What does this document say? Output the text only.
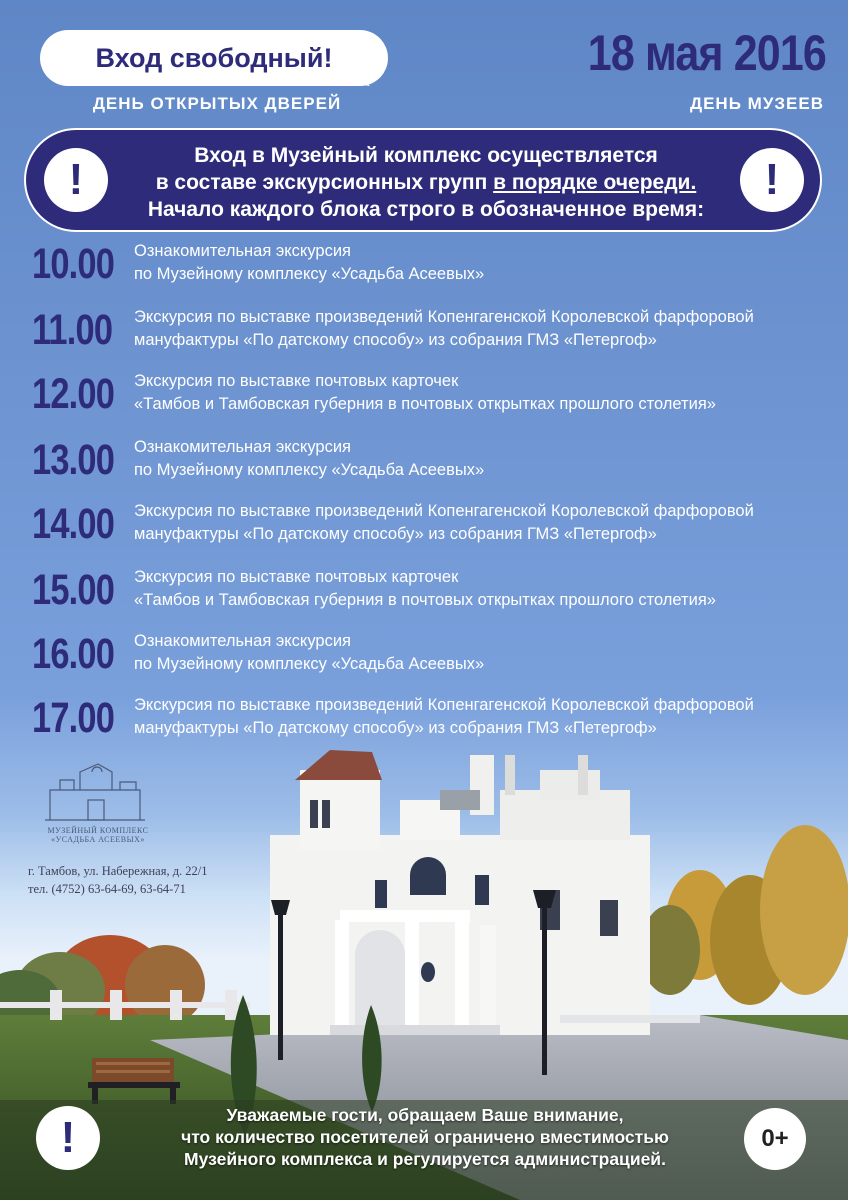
Вход свободный!
ДЕНЬ ОТКРЫТЫХ ДВЕРЕЙ
18 мая 2016
ДЕНЬ МУЗЕЕВ
!	Вход в Музейный комплекс осуществляется
в составе экскурсионных групп в порядке очереди.
Начало каждого блока строго в обозначенное время:
!
10.00 Ознакомительная экскурсия
по Музейному комплексу «Усадьба Асеевых»
11.00 Экскурсия по выставке произведений Копенгагенской Королевской фарфоровой
мануфактуры «По датскому способу» из собрания ГМЗ «Петергоф»
12.00 Экскурсия по выставке почтовых карточек
«Тамбов и Тамбовская губерния в почтовых открытках прошлого столетия»
13.00 Ознакомительная экскурсия
по Музейному комплексу «Усадьба Асеевых»
14.00 Экскурсия по выставке произведений Копенгагенской Королевской фарфоровой
мануфактуры «По датскому способу» из собрания ГМЗ «Петергоф»
15.00 Экскурсия по выставке почтовых карточек
«Тамбов и Тамбовская губерния в почтовых открытках прошлого столетия»
16.00 Ознакомительная экскурсия
по Музейному комплексу «Усадьба Асеевых»
17.00 Экскурсия по выставке произведений Копенгагенской Королевской фарфоровой
мануфактуры «По датскому способу» из собрания ГМЗ «Петергоф»
МУЗЕЙНЫЙ КОМПЛЕКС
«УСАДЬБА АСЕЕВЫХ»
г. Тамбов, ул. Набережная, д. 22/1
тел. (4752) 63-64-69, 63-64-71
!	Уважаемые гости, обращаем Ваше внимание,
что количество посетителей ограничено вместимостью
Музейного комплекса и регулируется администрацией.
0+
